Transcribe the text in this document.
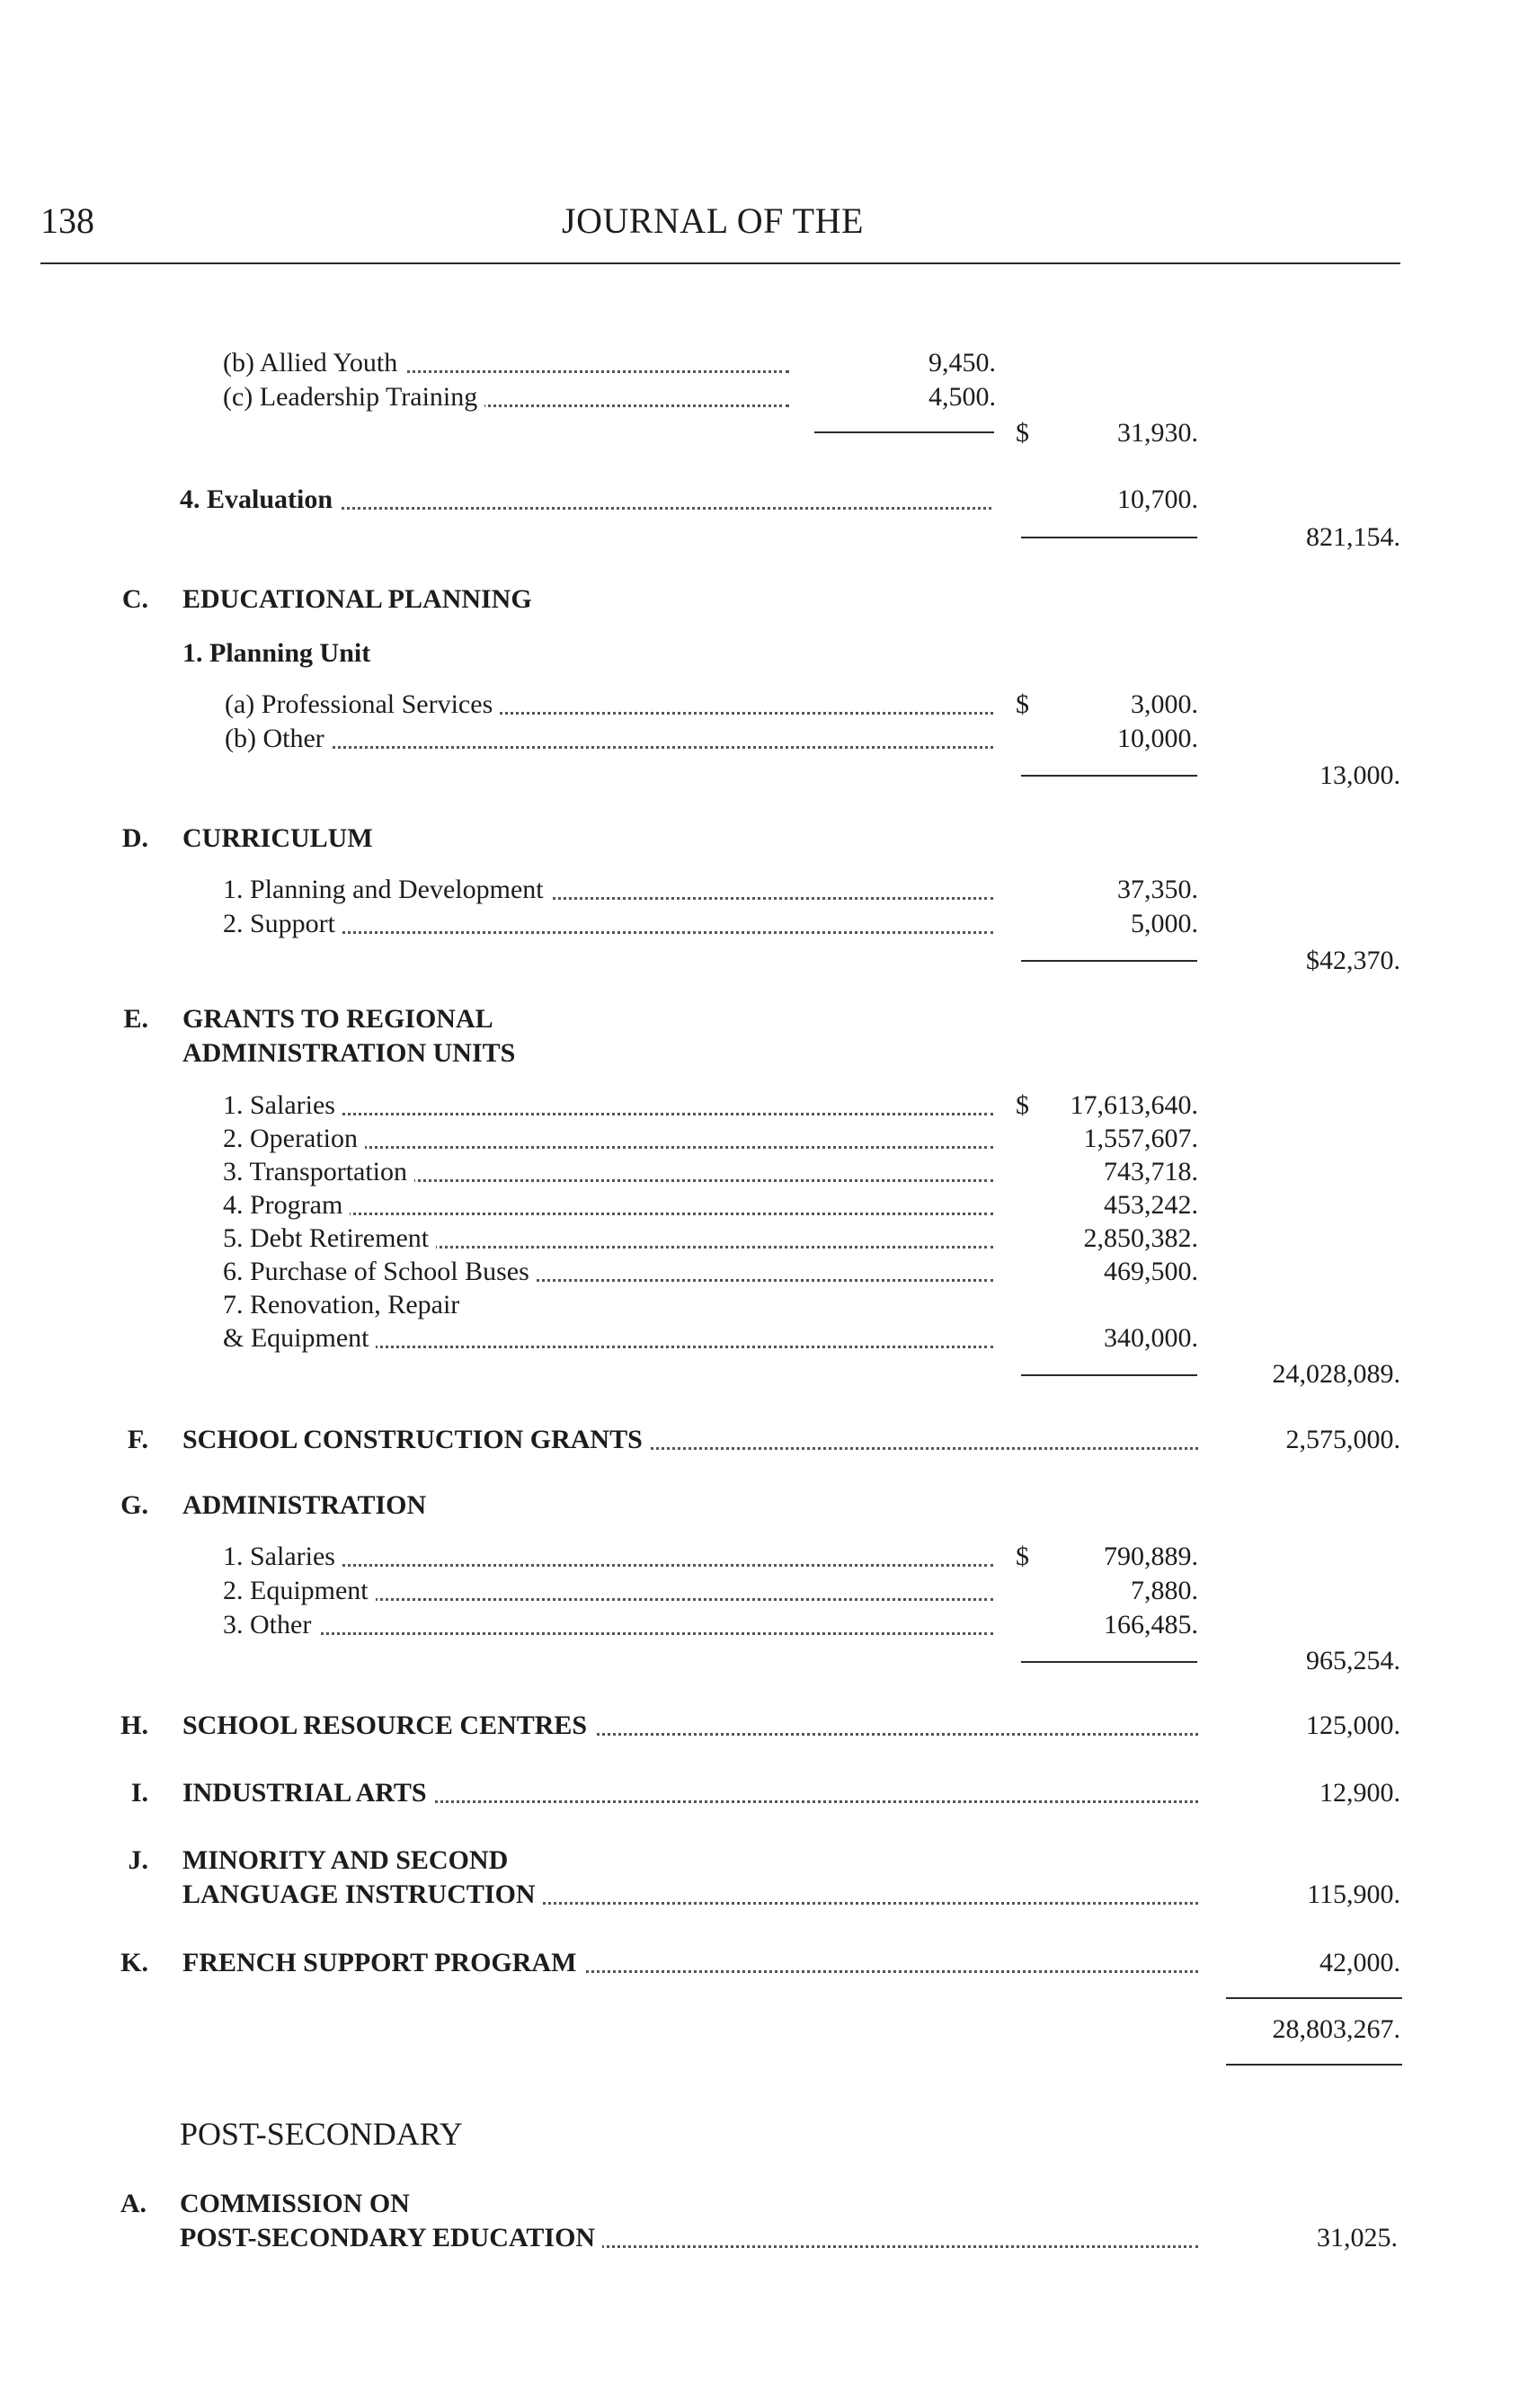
138	JOURNAL OF THE
(b) Allied Youth	9,450.
(c) Leadership Training	4,500.
$	31,930.
4. Evaluation	10,700.
821,154.
C. EDUCATIONAL PLANNING
1. Planning Unit
(a) Professional Services	$	3,000.
(b) Other	10,000.
13,000.
D. CURRICULUM
1. Planning and Development	37,350.
2. Support	5,000.
$42,370.
E. GRANTS TO REGIONAL
ADMINISTRATION UNITS
$
1. Salaries	17,613,640.
2. Operation	1,557,607.
3. Transportation	743,718.
4. Program	453,242.
5. Debt Retirement	2,850,382.
6. Purchase of School Buses	469,500.
7. Renovation, Repair
& Equipment	340,000.
24,028,089.
F. SCHOOL CONSTRUCTION GRANTS	2,575,000.
G. ADMINISTRATION
$
1. Salaries	790,889.
2. Equipment	7,880.
3. Other	166,485.
965,254.
H. SCHOOL RESOURCE CENTRES	125,000.
I. INDUSTRIAL ARTS	12,900.
J. MINORITY AND SECOND
LANGUAGE INSTRUCTION	115,900.
K. FRENCH SUPPORT PROGRAM	42,000.
28,803,267.
POST-SECONDARY
A. COMMISSION ON
POST-SECONDARY EDUCATION	31,025.
